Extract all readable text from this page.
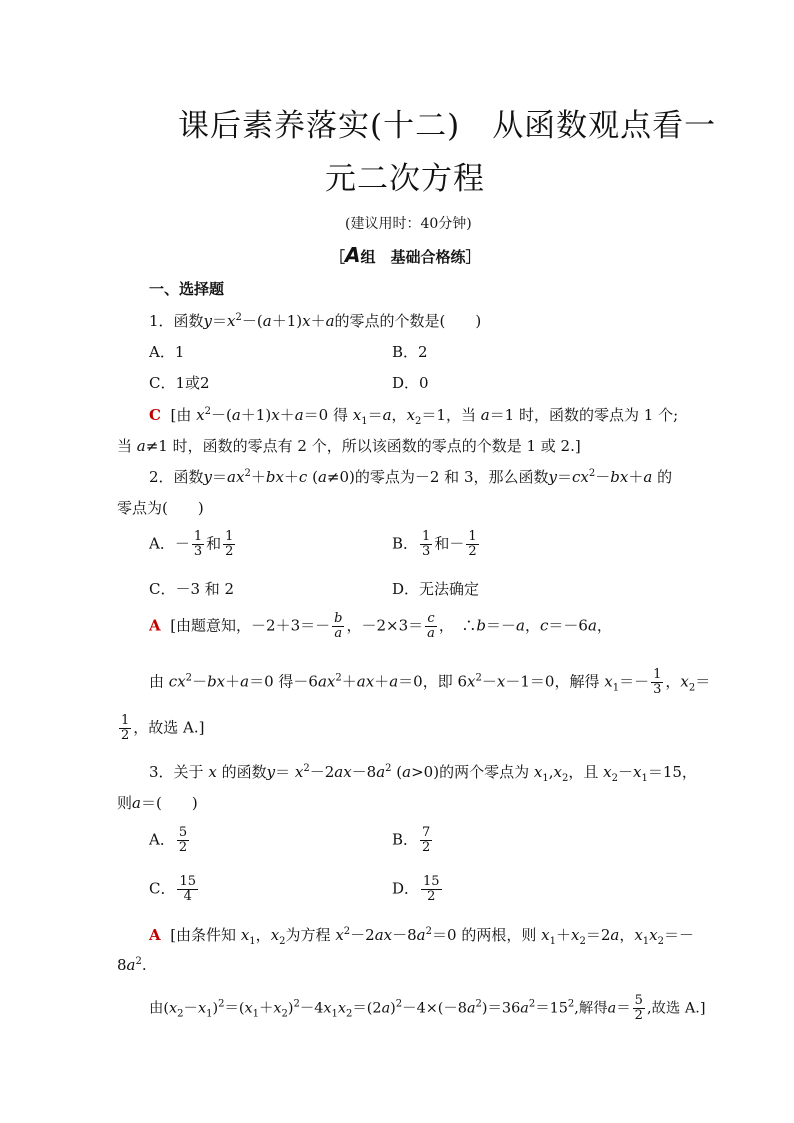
课后素养落实(十二)　从函数观点看一
元二次方程
(建议用时：40分钟)
［A组　基础合格练］
一、选择题
1．函数$y=x^2-(a+1)x+a$的零点的个数是(　　)
A．1	B．2
C．1或2	D．0
C [由 $x^2-(a+1)x+a=0$ 得 $x_1=a$，$x_2=1$，当 a＝1 时，函数的零点为 1 个;
当 a≠1 时，函数的零点有 2 个，所以该函数的零点的个数是 1 或 2.]
2．函数$y=ax^2+bx+c$ (a≠0)的零点为－2 和 3，那么函数$y=cx^2-bx+a$ 的
零点为(　　)
A．－ $\frac{1}{3}$ 和 $\frac{1}{2}$	B． $\frac{1}{3}$ 和－ $\frac{1}{2}$
C．－3 和 2	D．无法确定
A [由题意知，$-2+3=- \frac{b}{a}$ ，$-2\times 3= \frac{c}{a}$ ，　∴b＝－a，c＝－6a，
由 $cx^2-bx+a=0$ 得$-6ax^2+ax+a=0$，即 $6x^2-x-1=0$，解得 $x_1=- \frac{1}{3}$ ，$x_2=$
$\frac{1}{2}$ ，故选 A.]
3．关于 x 的函数$y= x^2-2ax-8a^2$ (a>0)的两个零点为 $x_1,x_2$，且 $x_2-x_1=15$，
则a＝(　　)
A． $\frac{5}{2}$	B． $\frac{7}{2}$
C． $\frac{15}{4}$	D． $\frac{15}{2}$
A [由条件知 $x_1$，$x_2$为方程 $x^2-2ax-8a^2=0$ 的两根，则 $x_1+x_2=2a$，$x_1x_2=-$
$8a^2$.
由$(x_2-x_1)^2=(x_1+x_2)^2-4x_1x_2=(2a)^2-4\times(-8a^2)=36a^2=15^2$,解得$a= \frac{5}{2}$ ,故选 A.]
